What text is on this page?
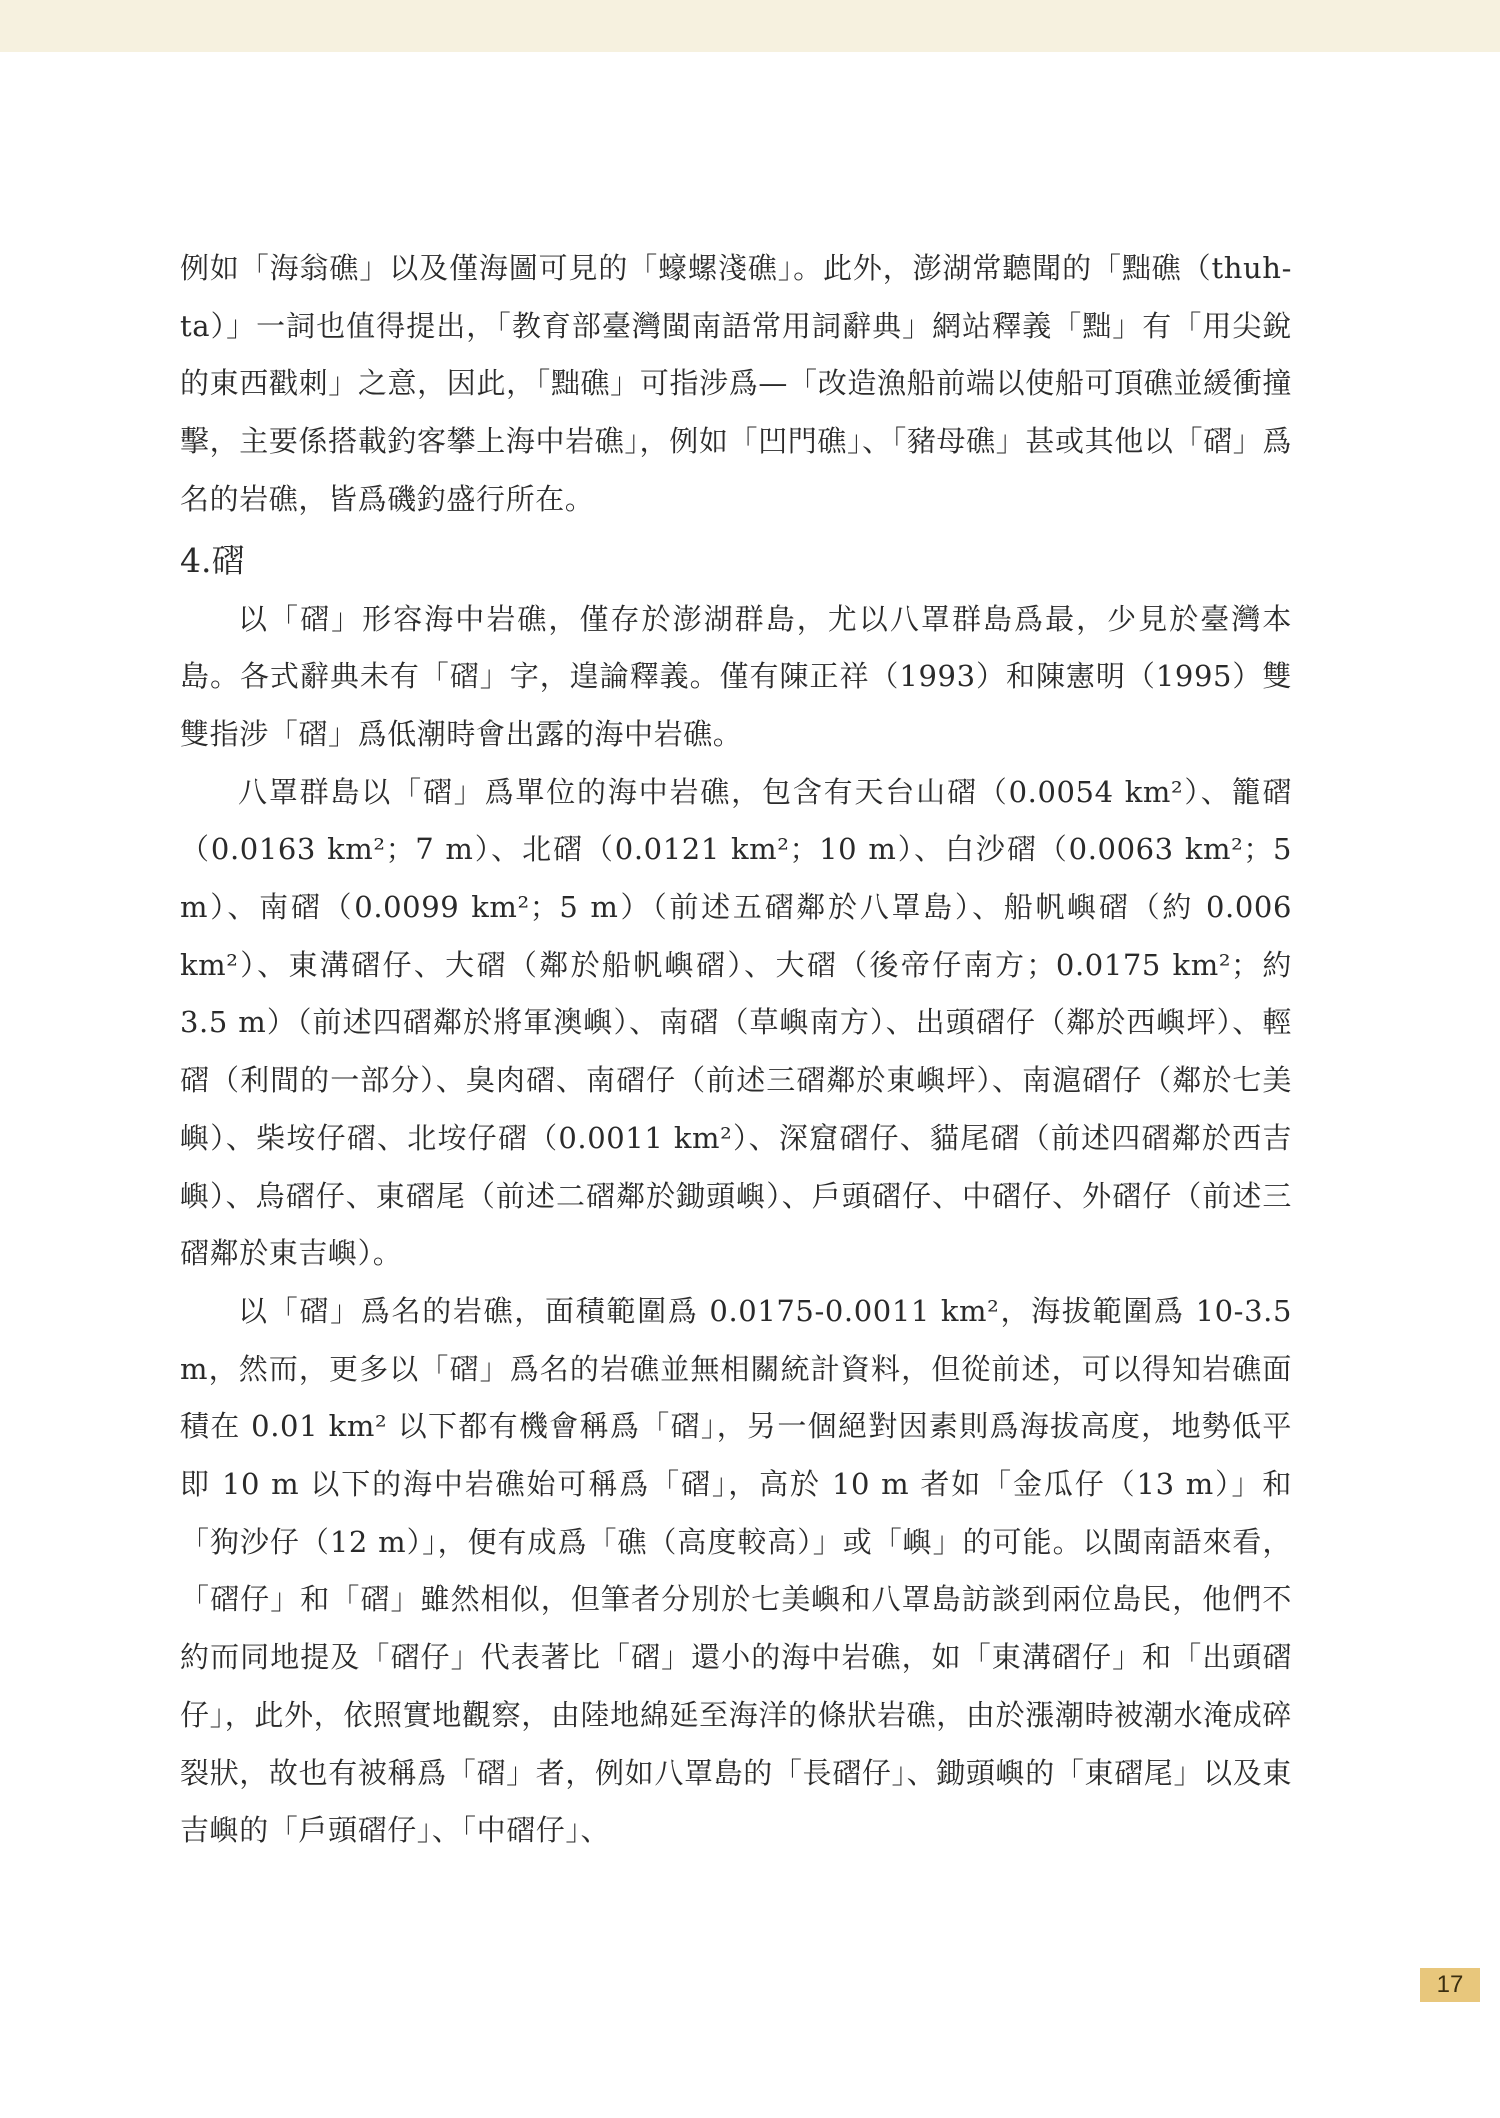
例如「海翁礁」以及僅海圖可見的「蠔螺淺礁」。此外，澎湖常聽聞的「黜礁（thuh-ta）」一詞也值得提出，「教育部臺灣閩南語常用詞辭典」網站釋義「黜」有「用尖銳的東西戳刺」之意，因此，「黜礁」可指涉爲—「改造漁船前端以使船可頂礁並緩衝撞擊，主要係搭載釣客攀上海中岩礁」，例如「凹門礁」、「豬母礁」甚或其他以「磖」爲名的岩礁，皆爲磯釣盛行所在。

4.磖

以「磖」形容海中岩礁，僅存於澎湖群島，尤以八罩群島爲最，少見於臺灣本島。各式辭典未有「磖」字，遑論釋義。僅有陳正祥（1993）和陳憲明（1995）雙雙指涉「磖」爲低潮時會出露的海中岩礁。

八罩群島以「磖」爲單位的海中岩礁，包含有天台山磖（0.0054 km²）、籠磖（0.0163 km²；7 m）、北磖（0.0121 km²；10 m）、白沙磖（0.0063 km²；5 m）、南磖（0.0099 km²；5 m）（前述五磖鄰於八罩島）、船帆嶼磖（約 0.006 km²）、東溝磖仔、大磖（鄰於船帆嶼磖）、大磖（後帝仔南方；0.0175 km²；約 3.5 m）（前述四磖鄰於將軍澳嶼）、南磖（草嶼南方）、出頭磖仔（鄰於西嶼坪）、輕磖（利間的一部分）、臭肉磖、南磖仔（前述三磖鄰於東嶼坪）、南滬磖仔（鄰於七美嶼）、柴垵仔磖、北垵仔磖（0.0011 km²）、深窟磖仔、貓尾磖（前述四磖鄰於西吉嶼）、烏磖仔、東磖尾（前述二磖鄰於鋤頭嶼）、戶頭磖仔、中磖仔、外磖仔（前述三磖鄰於東吉嶼）。

以「磖」爲名的岩礁，面積範圍爲 0.0175-0.0011 km²，海拔範圍爲 10-3.5 m，然而，更多以「磖」爲名的岩礁並無相關統計資料，但從前述，可以得知岩礁面積在 0.01 km² 以下都有機會稱爲「磖」，另一個絕對因素則爲海拔高度，地勢低平即 10 m 以下的海中岩礁始可稱爲「磖」，高於 10 m 者如「金瓜仔（13 m）」和「狗沙仔（12 m）」，便有成爲「礁（高度較高）」或「嶼」的可能。以閩南語來看，「磖仔」和「磖」雖然相似，但筆者分別於七美嶼和八罩島訪談到兩位島民，他們不約而同地提及「磖仔」代表著比「磖」還小的海中岩礁，如「東溝磖仔」和「出頭磖仔」，此外，依照實地觀察，由陸地綿延至海洋的條狀岩礁，由於漲潮時被潮水淹成碎裂狀，故也有被稱爲「磖」者，例如八罩島的「長磖仔」、鋤頭嶼的「東磖尾」以及東吉嶼的「戶頭磖仔」、「中磖仔」、

17
